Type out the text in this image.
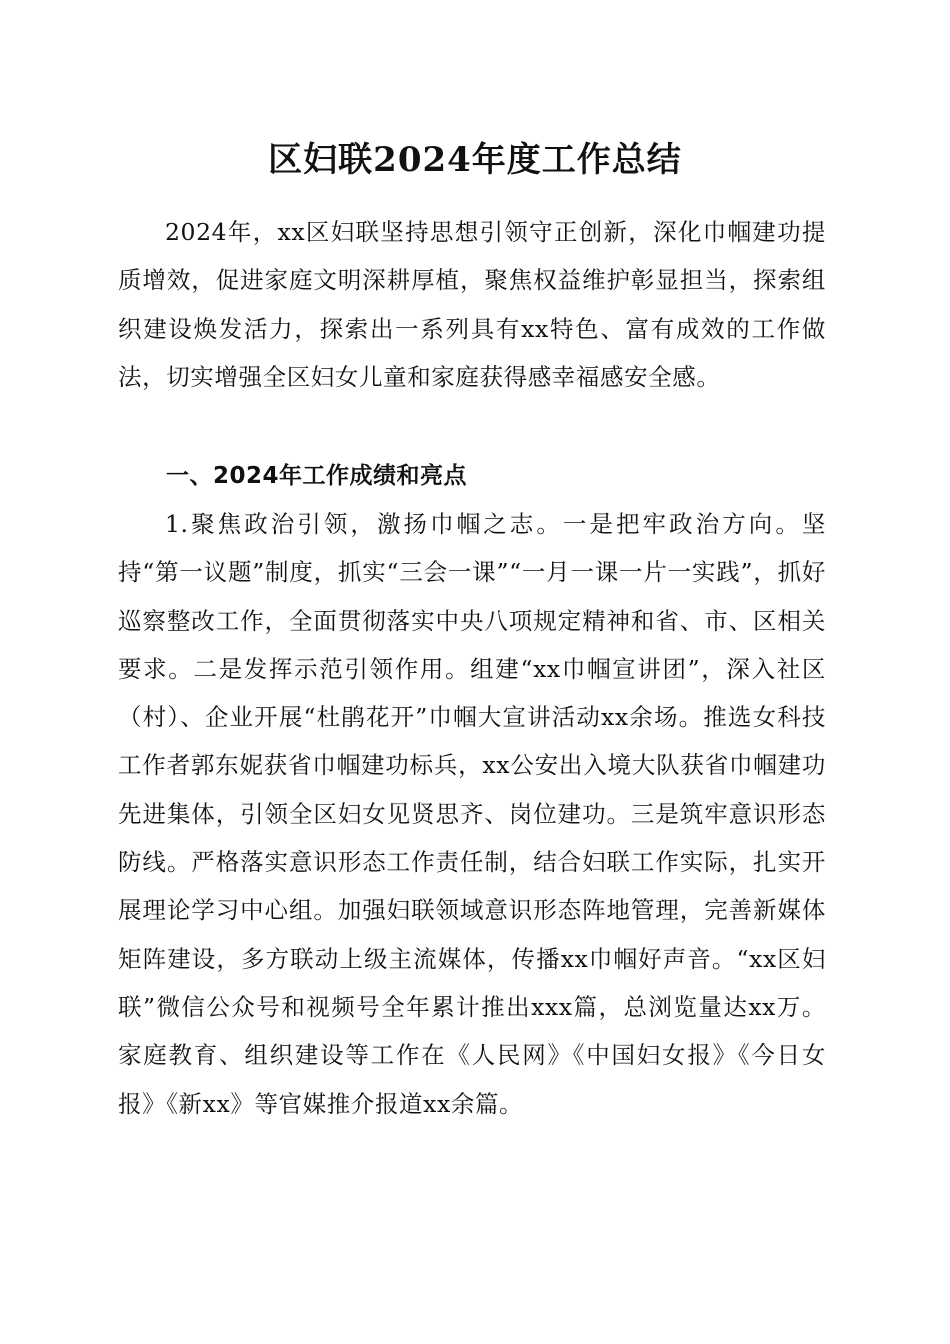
区妇联2024年度工作总结

2024年，xx区妇联坚持思想引领守正创新，深化巾帼建功提质增效，促进家庭文明深耕厚植，聚焦权益维护彰显担当，探索组织建设焕发活力，探索出一系列具有xx特色、富有成效的工作做法，切实增强全区妇女儿童和家庭获得感幸福感安全感。

一、2024年工作成绩和亮点

1.聚焦政治引领，激扬巾帼之志。一是把牢政治方向。坚持“第一议题”制度，抓实“三会一课”“一月一课一片一实践”，抓好巡察整改工作，全面贯彻落实中央八项规定精神和省、市、区相关要求。二是发挥示范引领作用。组建“xx巾帼宣讲团”，深入社区（村）、企业开展“杜鹃花开”巾帼大宣讲活动xx余场。推选女科技工作者郭东妮获省巾帼建功标兵，xx公安出入境大队获省巾帼建功先进集体，引领全区妇女见贤思齐、岗位建功。三是筑牢意识形态防线。严格落实意识形态工作责任制，结合妇联工作实际，扎实开展理论学习中心组。加强妇联领域意识形态阵地管理，完善新媒体矩阵建设，多方联动上级主流媒体，传播xx巾帼好声音。“xx区妇联”微信公众号和视频号全年累计推出xxx篇，总浏览量达xx万。家庭教育、组织建设等工作在《人民网》《中国妇女报》《今日女报》《新xx》等官媒推介报道xx余篇。
